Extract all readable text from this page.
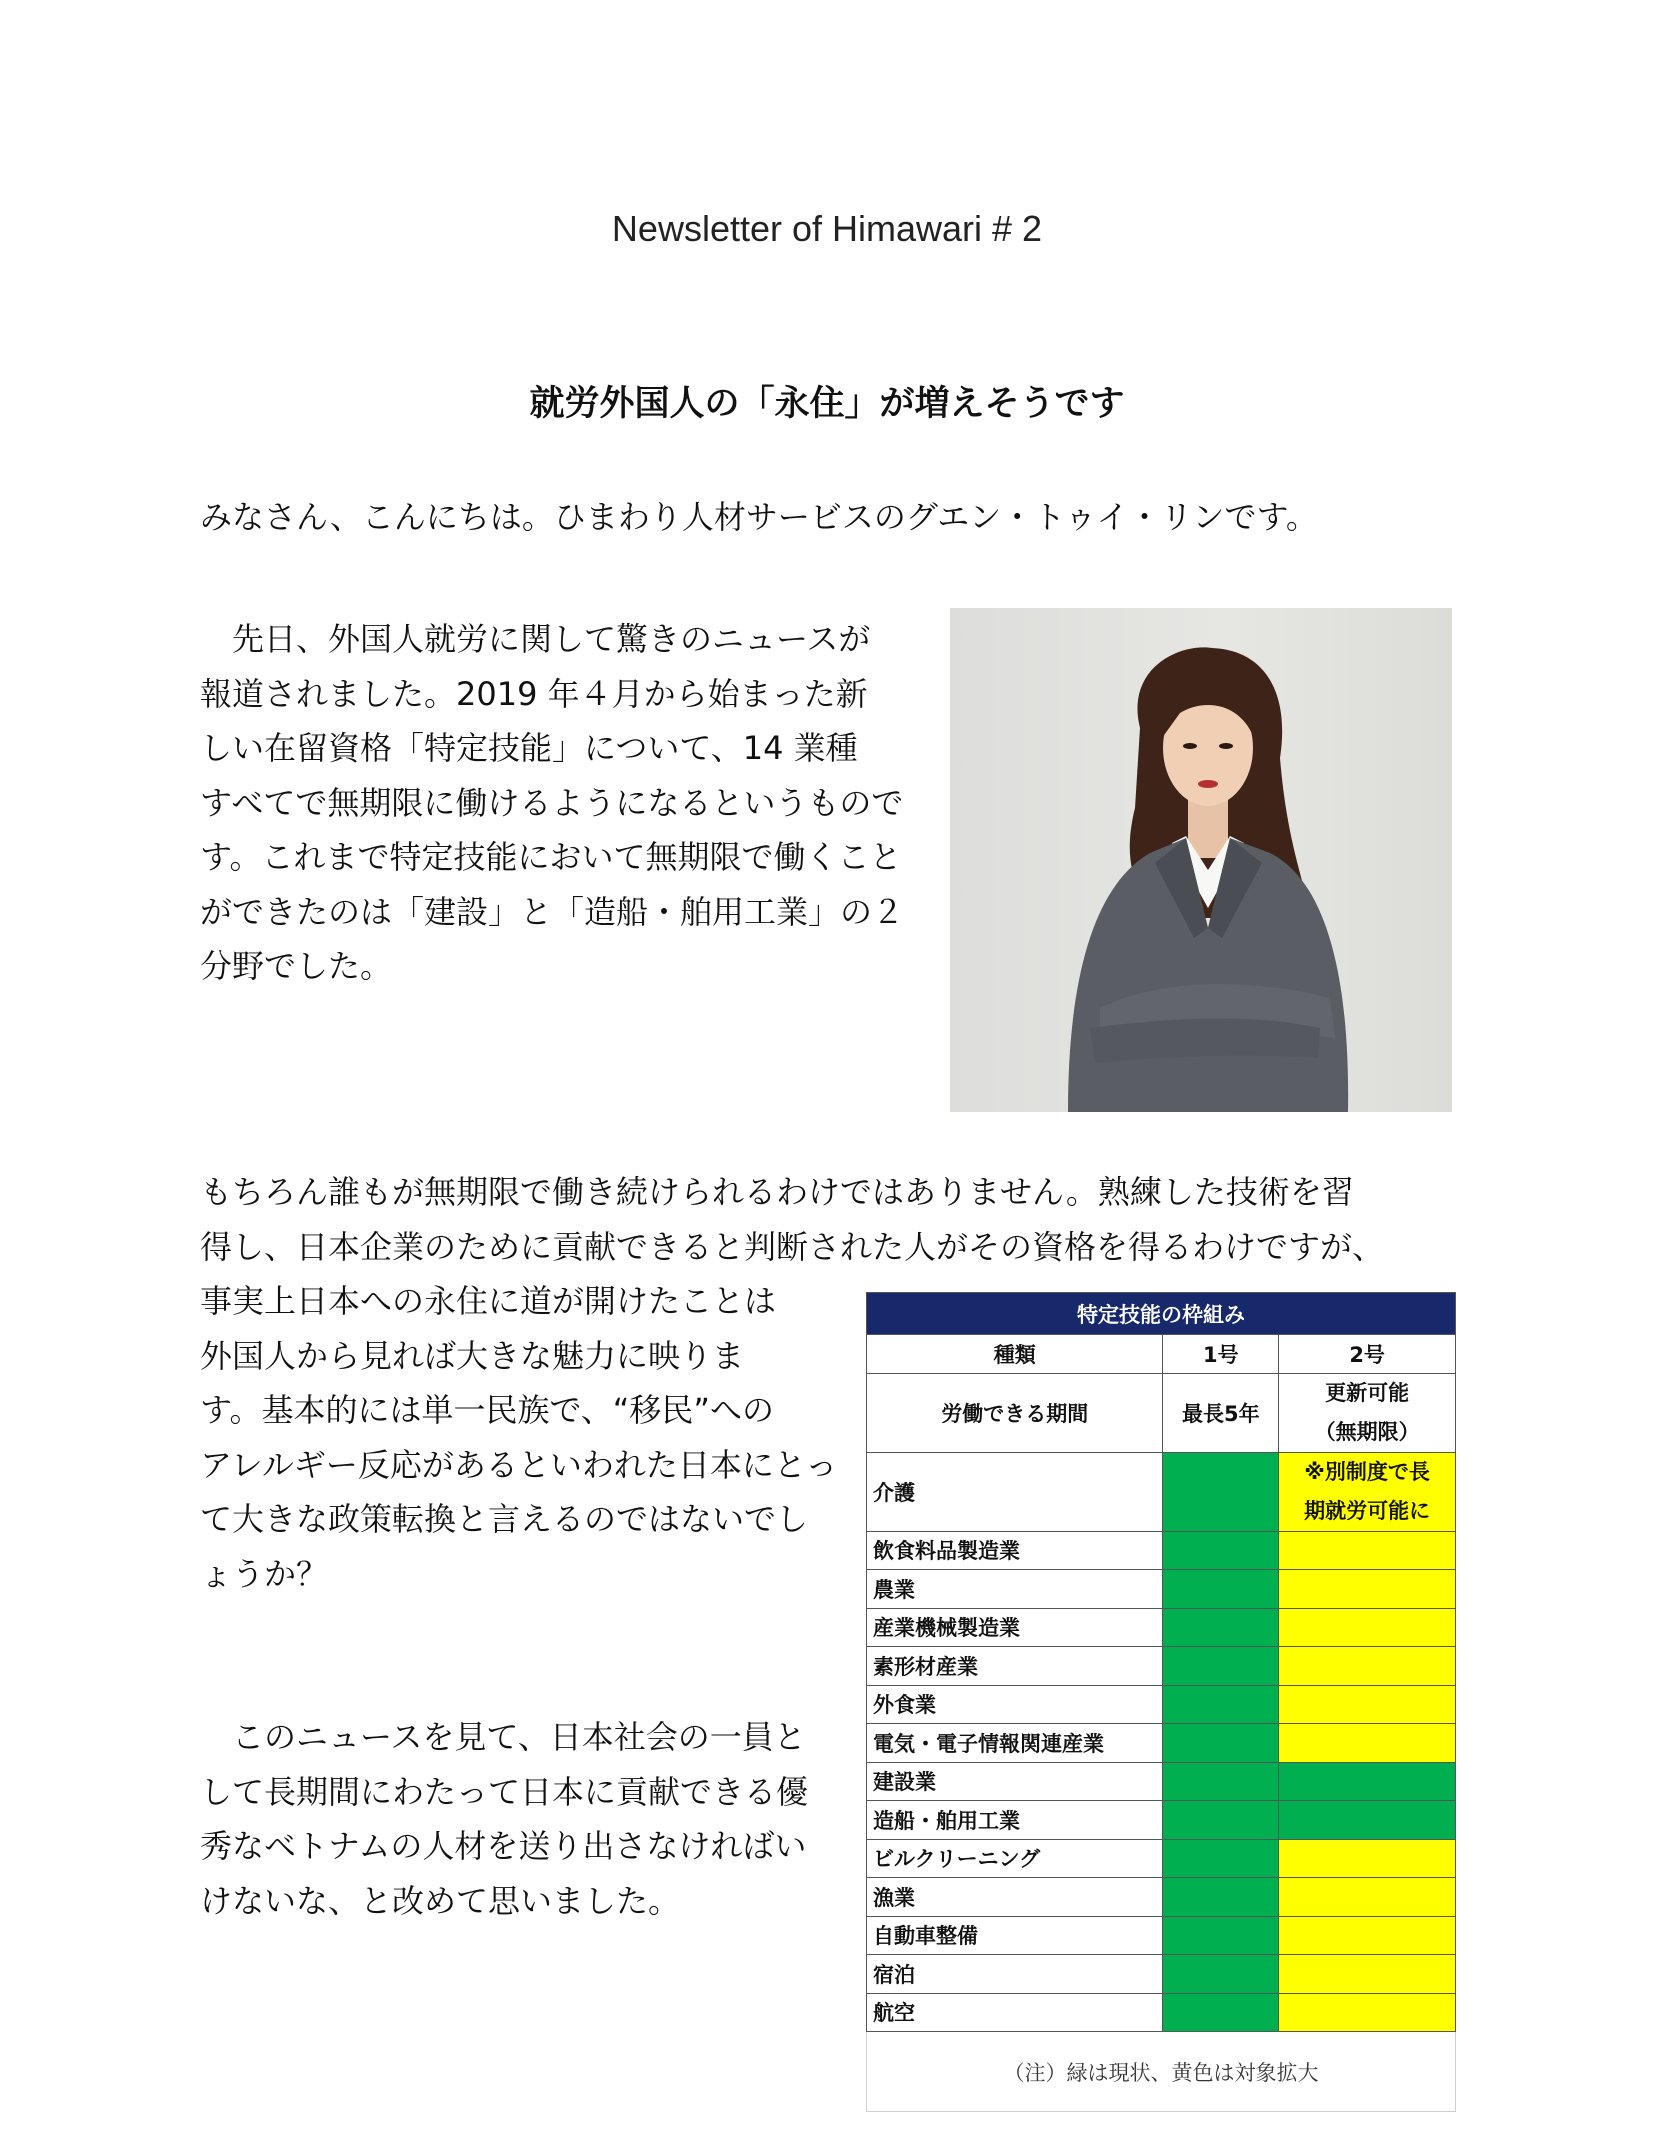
Newsletter of Himawari # 2
就労外国人の「永住」が増えそうです
みなさん、こんにちは。ひまわり人材サービスのグエン・トゥイ・リンです。
　先日、外国人就労に関して驚きのニュースが
報道されました。2019 年４月から始まった新
しい在留資格「特定技能」について、14 業種
すべてで無期限に働けるようになるというもので
す。これまで特定技能において無期限で働くこと
ができたのは「建設」と「造船・舶用工業」の２
分野でした。
もちろん誰もが無期限で働き続けられるわけではありません。熟練した技術を習
得し、日本企業のために貢献できると判断された人がその資格を得るわけですが、
事実上日本への永住に道が開けたことは
外国人から見れば大きな魅力に映りま
す。基本的には単一民族で、“移民”への
アレルギー反応があるといわれた日本にとっ
て大きな政策転換と言えるのではないでし
ょうか？
　このニュースを見て、日本社会の一員と
して長期間にわたって日本に貢献できる優
秀なベトナムの人材を送り出さなければい
けないな、と改めて思いました。
特定技能の枠組み		
種類	1号	2号
労働できる期間	最長5年	更新可能
（無期限）
介護		※別制度で長
期就労可能に
飲食料品製造業		
農業		
産業機械製造業		
素形材産業		
外食業		
電気・電子情報関連産業		
建設業		
造船・舶用工業		
ビルクリーニング		
漁業		
自動車整備		
宿泊		
航空		
（注）緑は現状、黄色は対象拡大		
